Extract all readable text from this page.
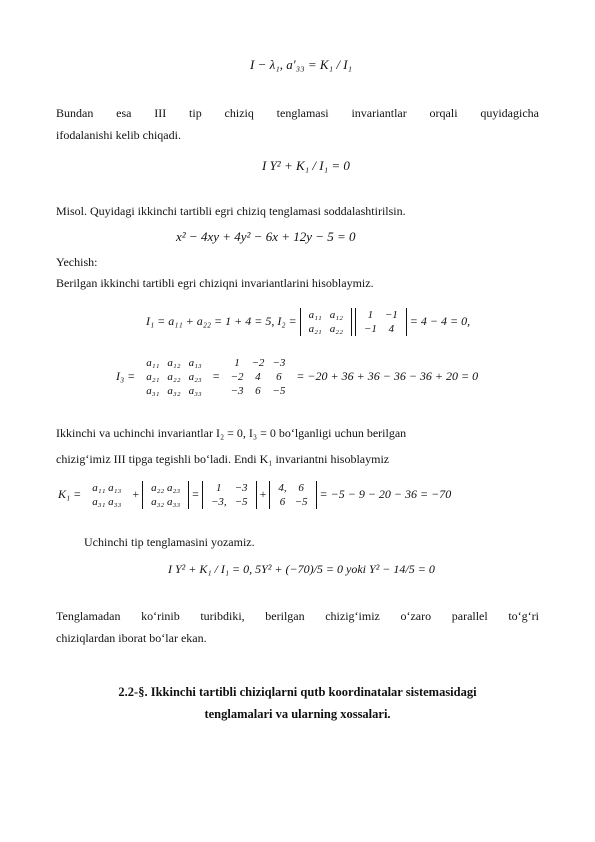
I − λ₁, a′₃₃ = K₁ / I₁
Bundan esa III tip chiziq tenglamasi invariantlar orqali quyidagicha
ifodalanishi kelib chiqadi.
I Y² + K₁ / I₁ = 0
Misol. Quyidagi ikkinchi tartibli egri chiziq tenglamasi soddalashtirilsin.
x² − 4xy + 4y² − 6x + 12y − 5 = 0
Yechish:
Berilgan ikkinchi tartibli egri chiziqni invariantlarini hisoblaymiz.
I₁ = a₁₁ + a₂₂ = 1 + 4 = 5, I₂ = a₁₁	a₁₂
a₂₁	a₂₂

1	−1
−1	4
= 4 − 4 = 0,
I₃ =
a₁₁	a₁₂	a₁₃
a₂₁	a₂₂	a₂₃
a₃₁	a₃₂	a₃₃
=
1	−2	−3
−2	4	6
−3	6	−5
= −20 + 36 + 36 − 36 − 36 + 20 = 0
Ikkinchi va uchinchi invariantlar I₂ = 0, I₃ = 0 bo‘lganligi uchun berilgan
chizig‘imiz III tipga tegishli bo‘ladi. Endi K₁ invariantni hisoblaymiz
K₁ = a₁₁ a₁₃
a₃₁ a₃₃
+ a₂₂ a₂₃
a₃₂ a₃₃
= 1	−3
−3,	−5
+ 4,	6
6	−5
= −5 − 9 − 20 − 36 = −70
Uchinchi tip tenglamasini yozamiz.
I Y² + K₁ / I₁ = 0, 5Y² + (−70)/5 = 0 yoki Y² − 14/5 = 0
Tenglamadan ko‘rinib turibdiki, berilgan chizig‘imiz o‘zaro parallel to‘g‘ri
chiziqlardan iborat bo‘lar ekan.
2.2-§. Ikkinchi tartibli chiziqlarni qutb koordinatalar sistemasidagi
tenglamalari va ularning xossalari.
